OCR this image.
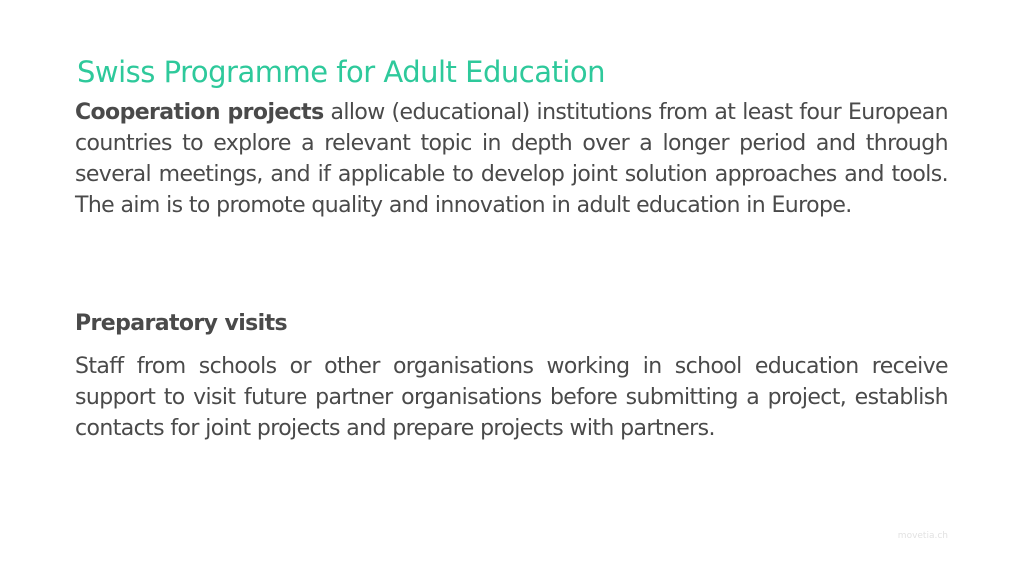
Swiss Programme for Adult Education

Cooperation projects allow (educational) institutions from at least four European countries to explore a relevant topic in depth over a longer period and through several meetings, and if applicable to develop joint solution approaches and tools. The aim is to promote quality and innovation in adult education in Europe.

Preparatory visits

Staff from schools or other organisations working in school education receive support to visit future partner organisations before submitting a project, establish contacts for joint projects and prepare projects with partners.

movetia.ch
